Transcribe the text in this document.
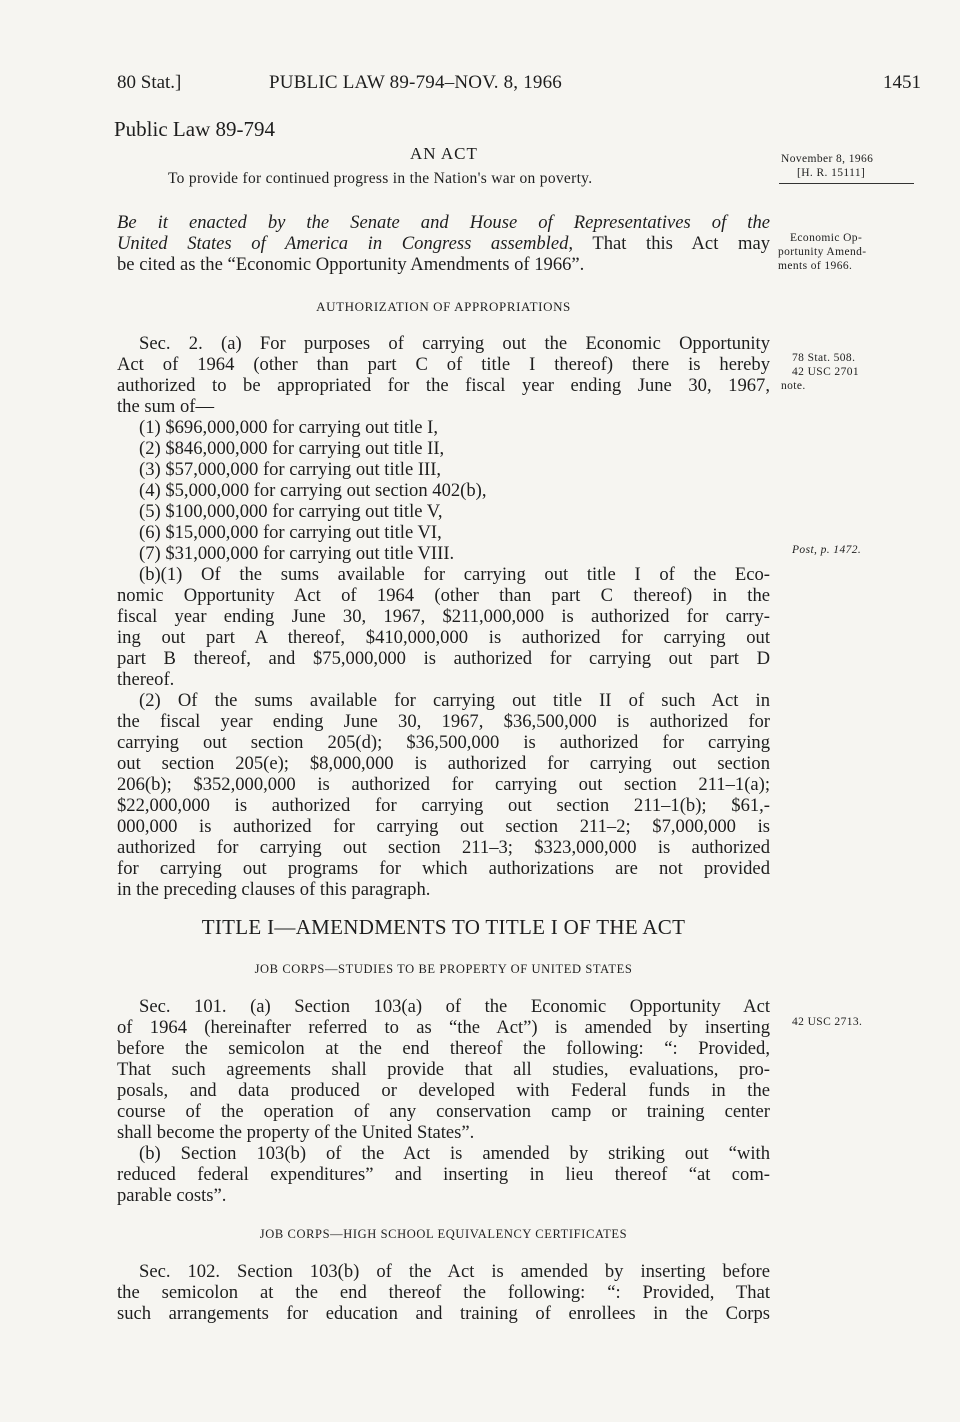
80 Stat.]	PUBLIC LAW 89-794–NOV. 8, 1966	1451
Public Law 89-794
AN ACT
To provide for continued progress in the Nation's war on poverty.
November 8, 1966
[H. R. 15111]
Economic Op-
portunity Amend-
ments of 1966.
78 Stat. 508.
42 USC 2701
note.
Post, p. 1472.
42 USC 2713.
Be it enacted by the Senate and House of Representatives of the
United States of America in Congress assembled, That this Act may
be cited as the “Economic Opportunity Amendments of 1966”.
AUTHORIZATION OF APPROPRIATIONS
Sec. 2. (a) For purposes of carrying out the Economic Opportunity
Act of 1964 (other than part C of title I thereof) there is hereby
authorized to be appropriated for the fiscal year ending June 30, 1967,
the sum of—
(1) $696,000,000 for carrying out title I,
(2) $846,000,000 for carrying out title II,
(3) $57,000,000 for carrying out title III,
(4) $5,000,000 for carrying out section 402(b),
(5) $100,000,000 for carrying out title V,
(6) $15,000,000 for carrying out title VI,
(7) $31,000,000 for carrying out title VIII.
(b)(1) Of the sums available for carrying out title I of the Eco-
nomic Opportunity Act of 1964 (other than part C thereof) in the
fiscal year ending June 30, 1967, $211,000,000 is authorized for carry-
ing out part A thereof, $410,000,000 is authorized for carrying out
part B thereof, and $75,000,000 is authorized for carrying out part D
thereof.
(2) Of the sums available for carrying out title II of such Act in
the fiscal year ending June 30, 1967, $36,500,000 is authorized for
carrying out section 205(d); $36,500,000 is authorized for carrying
out section 205(e); $8,000,000 is authorized for carrying out section
206(b); $352,000,000 is authorized for carrying out section 211–1(a);
$22,000,000 is authorized for carrying out section 211–1(b); $61,-
000,000 is authorized for carrying out section 211–2; $7,000,000 is
authorized for carrying out section 211–3; $323,000,000 is authorized
for carrying out programs for which authorizations are not provided
in the preceding clauses of this paragraph.
TITLE I—AMENDMENTS TO TITLE I OF THE ACT
JOB CORPS—STUDIES TO BE PROPERTY OF UNITED STATES
Sec. 101. (a) Section 103(a) of the Economic Opportunity Act
of 1964 (hereinafter referred to as “the Act”) is amended by inserting
before the semicolon at the end thereof the following: “: Provided,
That such agreements shall provide that all studies, evaluations, pro-
posals, and data produced or developed with Federal funds in the
course of the operation of any conservation camp or training center
shall become the property of the United States”.
(b) Section 103(b) of the Act is amended by striking out “with
reduced federal expenditures” and inserting in lieu thereof “at com-
parable costs”.
JOB CORPS—HIGH SCHOOL EQUIVALENCY CERTIFICATES
Sec. 102. Section 103(b) of the Act is amended by inserting before
the semicolon at the end thereof the following: “: Provided, That
such arrangements for education and training of enrollees in the Corps
